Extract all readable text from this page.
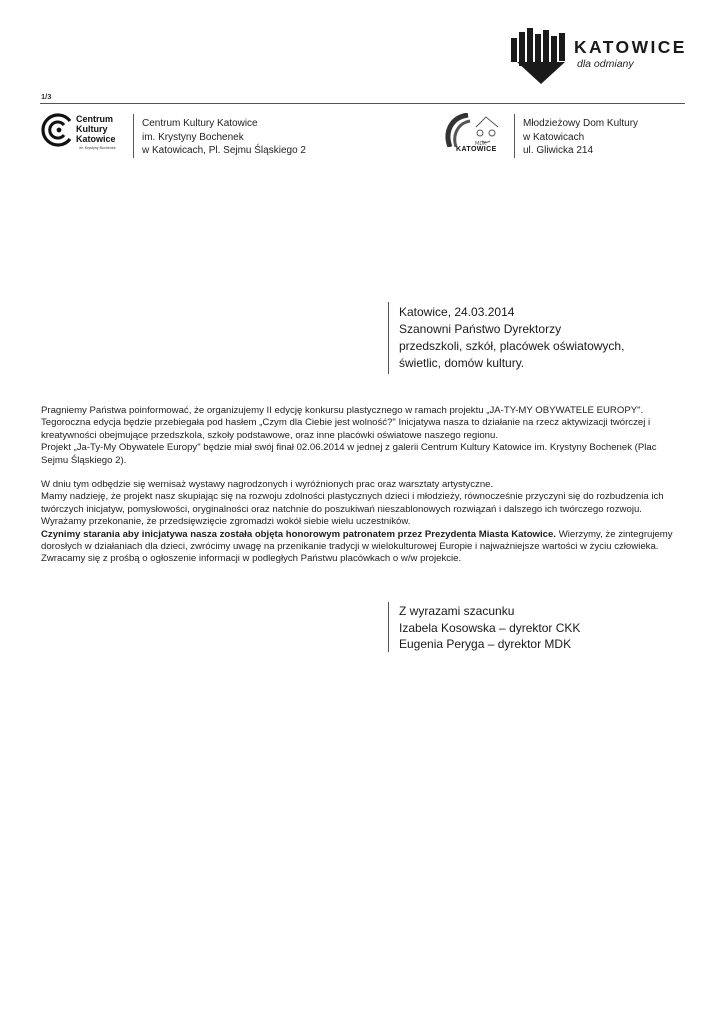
KATOWICE
dla odmiany
1/3
Centrum
Kultury
Katowice
im. Krystyny Bochenek
Centrum Kultury Katowice
im. Krystyny Bochenek
w Katowicach, Pl. Sejmu Śląskiego 2
MDK
KATOWICE
Młodzieżowy Dom Kultury
w Katowicach
ul. Gliwicka 214
Katowice, 24.03.2014
Szanowni Państwo Dyrektorzy
przedszkoli, szkół, placówek oświatowych,
świetlic, domów kultury.

Pragniemy Państwa poinformować, że organizujemy II edycję konkursu plastycznego w ramach projektu „JA-TY-MY OBYWATELE EUROPY". Tegoroczna edycja będzie przebiegała pod hasłem „Czym dla Ciebie jest wolność?" Inicjatywa nasza to działanie na rzecz aktywizacji twórczej i kreatywności obejmujące przedszkola, szkoły podstawowe, oraz inne placówki oświatowe naszego regionu.

Projekt „Ja-Ty-My Obywatele Europy" będzie miał swój finał 02.06.2014 w jednej z galerii Centrum Kultury Katowice im. Krystyny Bochenek (Plac Sejmu Śląskiego 2).

W dniu tym odbędzie się wernisaż wystawy nagrodzonych i wyróżnionych prac oraz warsztaty artystyczne.

Mamy nadzieję, że projekt nasz skupiając się na rozwoju zdolności plastycznych dzieci i młodzieży, równocześnie przyczyni się do rozbudzenia ich twórczych inicjatyw, pomysłowości, oryginalności oraz natchnie do poszukiwań nieszablonowych rozwiązań i dalszego ich twórczego rozwoju.

Wyrażamy przekonanie, że przedsięwzięcie zgromadzi wokół siebie wielu uczestników.

Czynimy starania aby inicjatywa nasza została objęta honorowym patronatem przez Prezydenta Miasta Katowice. Wierzymy, że zintegrujemy dorosłych w działaniach dla dzieci, zwrócimy uwagę na przenikanie tradycji w wielokulturowej Europie i najważniejsze wartości w życiu człowieka.

Zwracamy się z prośbą o ogłoszenie informacji w podległych Państwu placówkach o w/w projekcie.

Z wyrazami szacunku
Izabela Kosowska – dyrektor CKK
Eugenia Peryga – dyrektor MDK
